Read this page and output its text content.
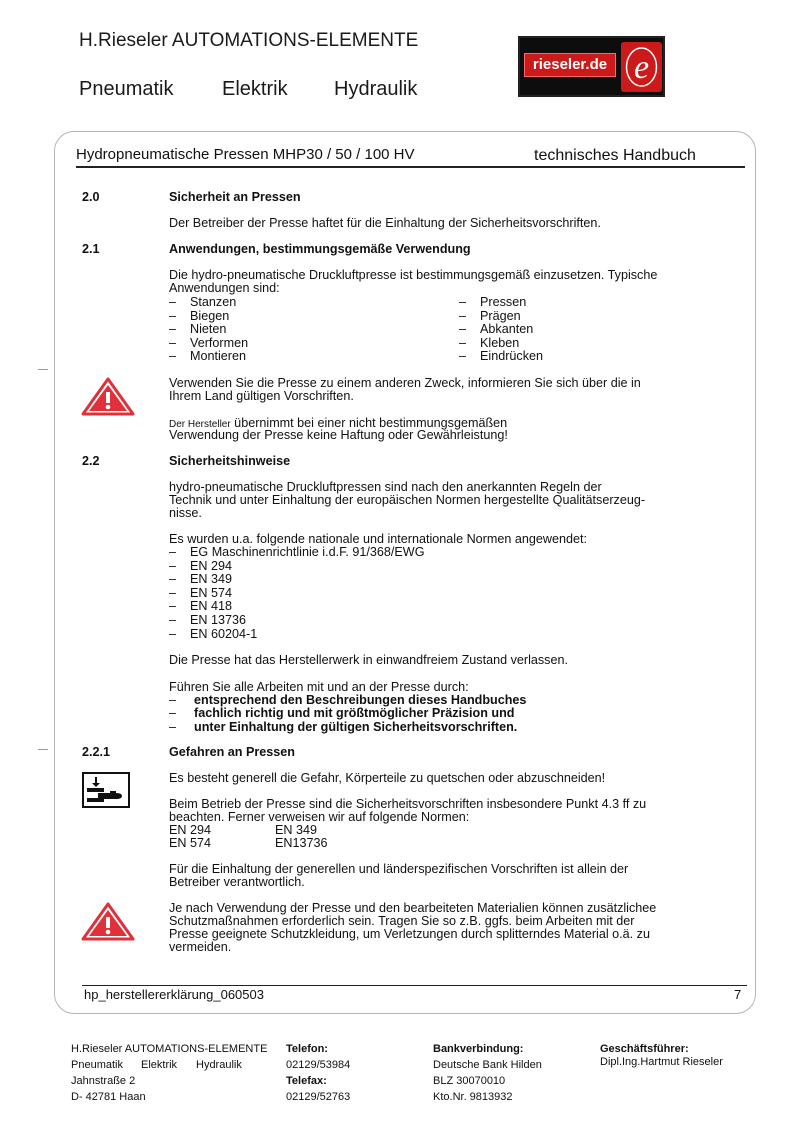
H.Rieseler AUTOMATIONS-ELEMENTE
Pneumatik Elektrik Hydraulik
rieseler.de e
Hydropneumatische Pressen MHP30 / 50 / 100 HV	technisches Handbuch
2.0	Sicherheit an Pressen
Der Betreiber der Presse haftet für die Einhaltung der Sicherheitsvorschriften.
2.1	Anwendungen, bestimmungsgemäße Verwendung
Die hydro-pneumatische Druckluftpresse ist bestimmungsgemäß einzusetzen. Typische
Anwendungen sind:
– Stanzen
– Biegen
– Nieten
– Verformen
– Montieren
– Pressen
– Prägen
– Abkanten
– Kleben
– Eindrücken
Verwenden Sie die Presse zu einem anderen Zweck, informieren Sie sich über die in
Ihrem Land gültigen Vorschriften.
Der Hersteller übernimmt bei einer nicht bestimmungsgemäßen
Verwendung der Presse keine Haftung oder Gewährleistung!
2.2	Sicherheitshinweise
hydro-pneumatische Druckluftpressen sind nach den anerkannten Regeln der
Technik und unter Einhaltung der europäischen Normen hergestellte Qualitätserzeug-
nisse.
Es wurden u.a. folgende nationale und internationale Normen angewendet:
– EG Maschinenrichtlinie i.d.F. 91/368/EWG
– EN 294
– EN 349
– EN 574
– EN 418
– EN 13736
– EN 60204-1
Die Presse hat das Herstellerwerk in einwandfreiem Zustand verlassen.
Führen Sie alle Arbeiten mit und an der Presse durch:
– entsprechend den Beschreibungen dieses Handbuches
– fachlich richtig und mit größtmöglicher Präzision und
– unter Einhaltung der gültigen Sicherheitsvorschriften.
2.2.1	Gefahren an Pressen
Es besteht generell die Gefahr, Körperteile zu quetschen oder abzuschneiden!
Beim Betrieb der Presse sind die Sicherheitsvorschriften insbesondere Punkt 4.3 ff zu
beachten. Ferner verweisen wir auf folgende Normen:
EN 294	EN 349
EN 574	EN13736
Für die Einhaltung der generellen und länderspezifischen Vorschriften ist allein der
Betreiber verantwortlich.
Je nach Verwendung der Presse und den bearbeiteten Materialien können zusätzlichee
Schutzmaßnahmen erforderlich sein. Tragen Sie so z.B. ggfs. beim Arbeiten mit der
Presse geeignete Schutzkleidung, um Verletzungen durch splitterndes Material o.ä. zu
vermeiden.
hp_herstellererklärung_060503	7
H.Rieseler AUTOMATIONS-ELEMENTE
Pneumatik Elektrik Hydraulik
Jahnstraße 2
D- 42781 Haan
Telefon:
02129/53984
Telefax:
02129/52763
Bankverbindung:
Deutsche Bank Hilden
BLZ 30070010
Kto.Nr. 9813932
Geschäftsführer:
Dipl.Ing.Hartmut Rieseler
